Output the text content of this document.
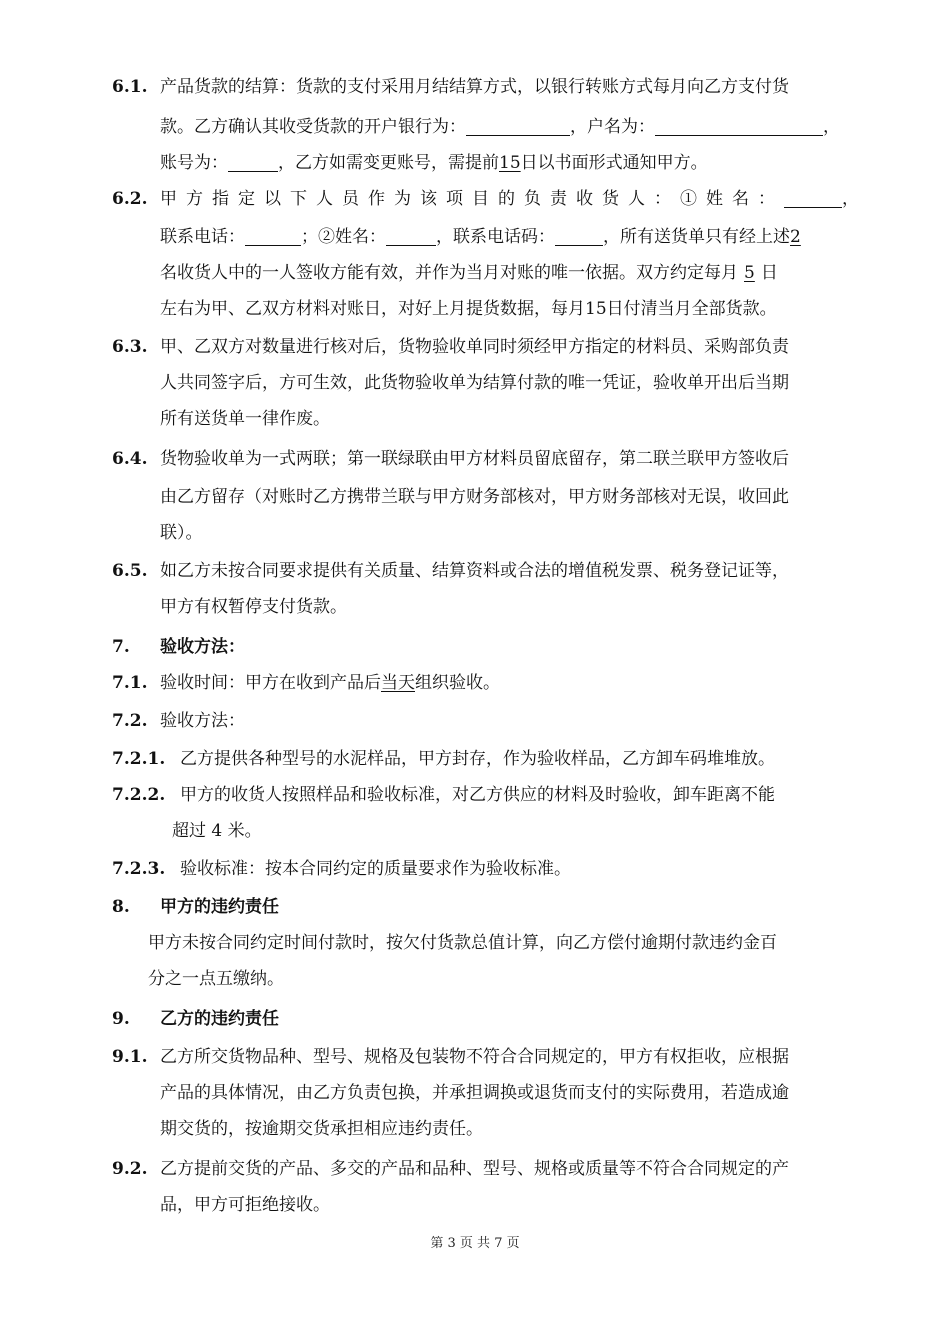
6.1. 产品货款的结算：货款的支付采用月结结算方式，以银行转账方式每月向乙方支付货
款。乙方确认其收受货款的开户银行为：	，户名为：	，
账号为：	，乙方如需变更账号，需提前15日以书面形式通知甲方。
6.2. 甲方指定以下人员作为该项目的负责收货人：①姓名：	，
联系电话：	；②姓名：	，联系电话码：	，所有送货单只有经上述2
名收货人中的一人签收方能有效，并作为当月对账的唯一依据。双方约定每月 5 日
左右为甲、乙双方材料对账日，对好上月提货数据，每月15日付清当月全部货款。
6.3. 甲、乙双方对数量进行核对后，货物验收单同时须经甲方指定的材料员、采购部负责
人共同签字后，方可生效，此货物验收单为结算付款的唯一凭证，验收单开出后当期
所有送货单一律作废。
6.4. 货物验收单为一式两联；第一联绿联由甲方材料员留底留存，第二联兰联甲方签收后
由乙方留存（对账时乙方携带兰联与甲方财务部核对，甲方财务部核对无误，收回此
联）。
6.5. 如乙方未按合同要求提供有关质量、结算资料或合法的增值税发票、税务登记证等，
甲方有权暂停支付货款。
7. 验收方法：
7.1. 验收时间：甲方在收到产品后当天组织验收。
7.2. 验收方法：
7.2.1. 乙方提供各种型号的水泥样品，甲方封存，作为验收样品，乙方卸车码堆堆放。
7.2.2. 甲方的收货人按照样品和验收标准，对乙方供应的材料及时验收，卸车距离不能
超过 4 米。
7.2.3. 验收标准：按本合同约定的质量要求作为验收标准。
8. 甲方的违约责任
甲方未按合同约定时间付款时，按欠付货款总值计算，向乙方偿付逾期付款违约金百
分之一点五缴纳。
9. 乙方的违约责任
9.1. 乙方所交货物品种、型号、规格及包装物不符合合同规定的，甲方有权拒收，应根据
产品的具体情况，由乙方负责包换，并承担调换或退货而支付的实际费用，若造成逾
期交货的，按逾期交货承担相应违约责任。
9.2. 乙方提前交货的产品、多交的产品和品种、型号、规格或质量等不符合合同规定的产
品，甲方可拒绝接收。
第 3 页 共 7 页
